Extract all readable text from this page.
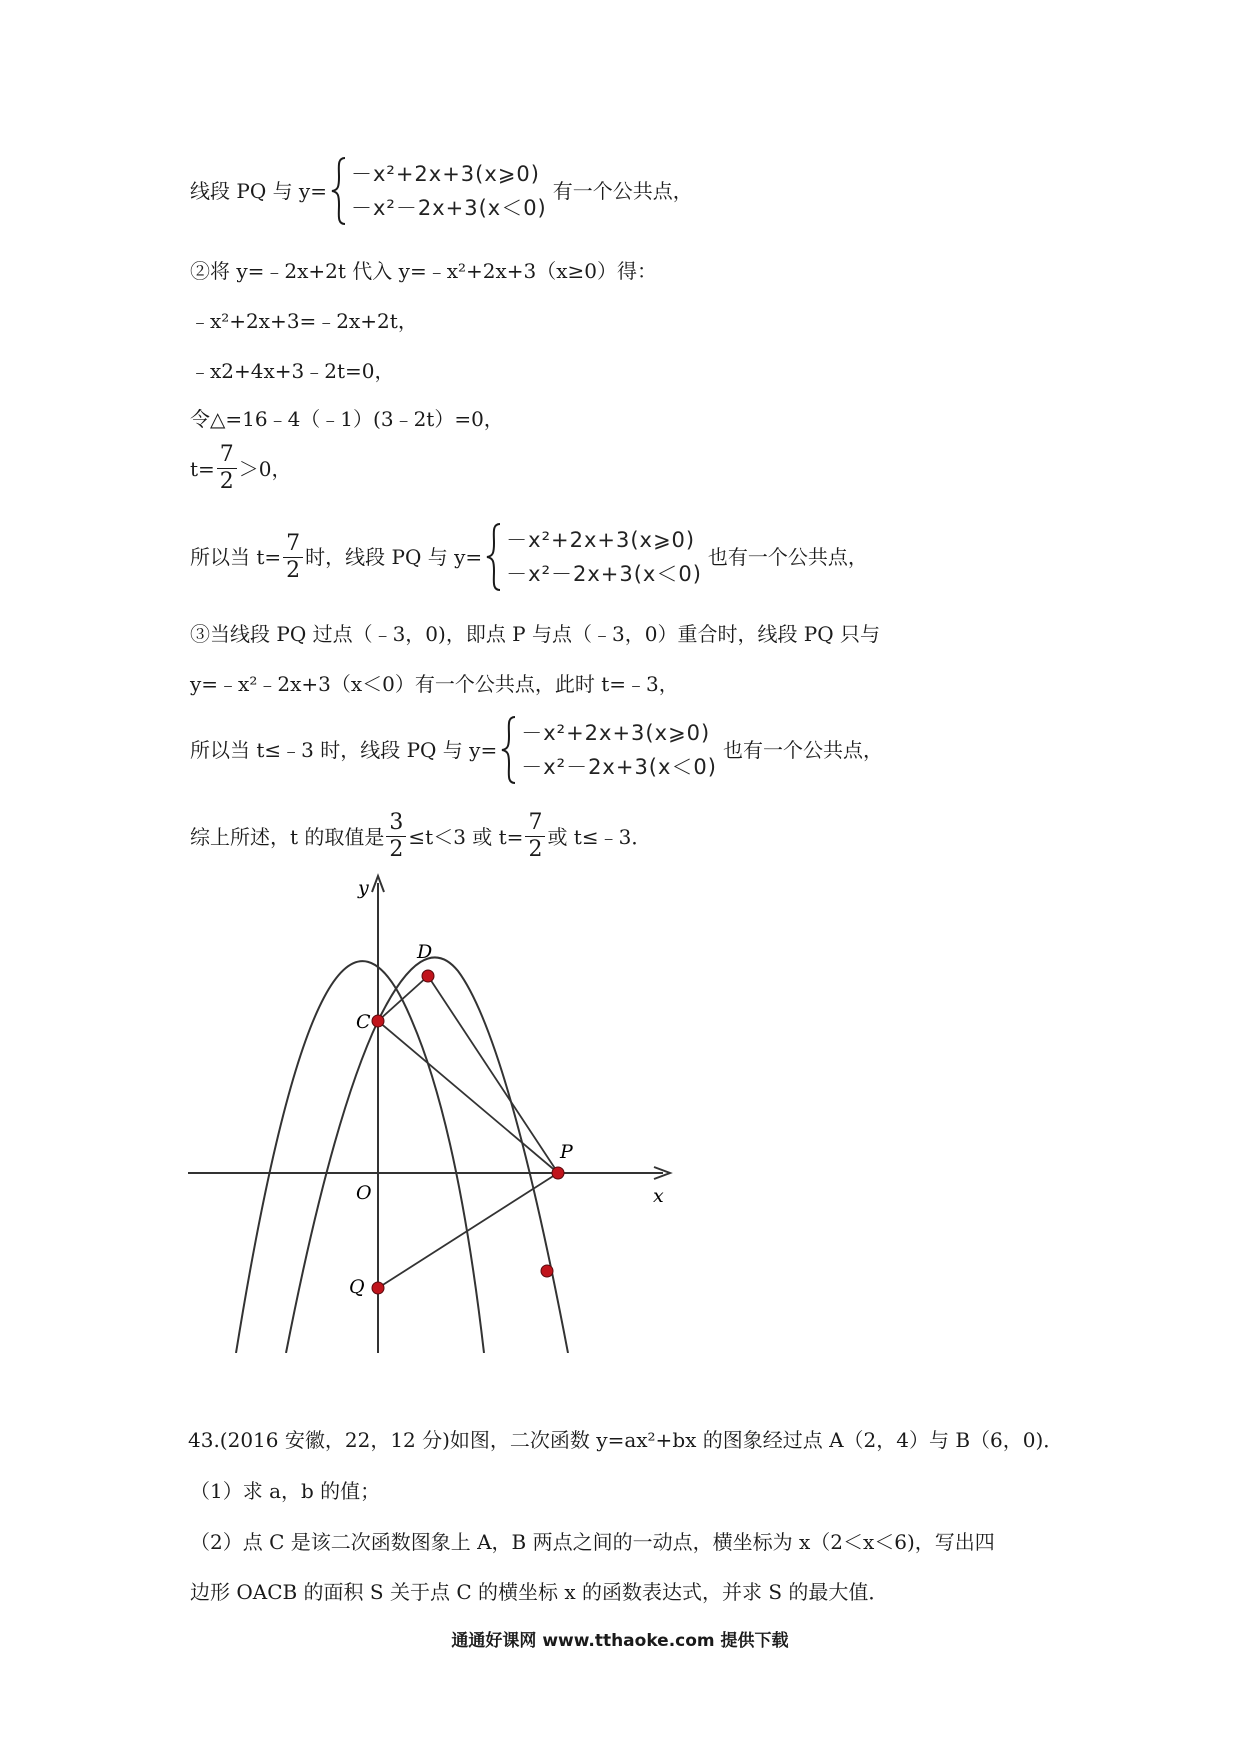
线段 PQ 与 y=
－x²+2x+3(x⩾0)
－x²－2x+3(x＜0)
有一个公共点，
②将 y=﹣2x+2t 代入 y=﹣x²+2x+3（x≥0）得：
﹣x²+2x+3=﹣2x+2t，
﹣x2+4x+3﹣2t=0，
令△=16﹣4（﹣1）(3﹣2t）=0，
$t= \frac{7}{2} >0$，
所以当 $t= \frac{7}{2}$ 时，线段 PQ 与 y=
－x²+2x+3(x⩾0)
－x²－2x+3(x＜0)
也有一个公共点，
③当线段 PQ 过点（﹣3，0)，即点 P 与点（﹣3，0）重合时，线段 PQ 只与
y=﹣x²﹣2x+3（x＜0）有一个公共点，此时 t=﹣3，
所以当 t≤﹣3 时，线段 PQ 与 y=
－x²+2x+3(x⩾0)
－x²－2x+3(x＜0)
也有一个公共点，
综上所述，t 的取值是 $\frac{3}{2} \le t<3$ 或 $t= \frac{7}{2}$ 或 t≤﹣3．
y
x
O
C
D
P
Q
43.(2016 安徽，22，12 分)如图，二次函数 y=ax²+bx 的图象经过点 A（2，4）与 B（6，0)．
（1）求 a，b 的值；
（2）点 C 是该二次函数图象上 A，B 两点之间的一动点，横坐标为 x（2＜x＜6)，写出四
边形 OACB 的面积 S 关于点 C 的横坐标 x 的函数表达式，并求 S 的最大值．
通通好课网 www.tthaoke.com 提供下载
